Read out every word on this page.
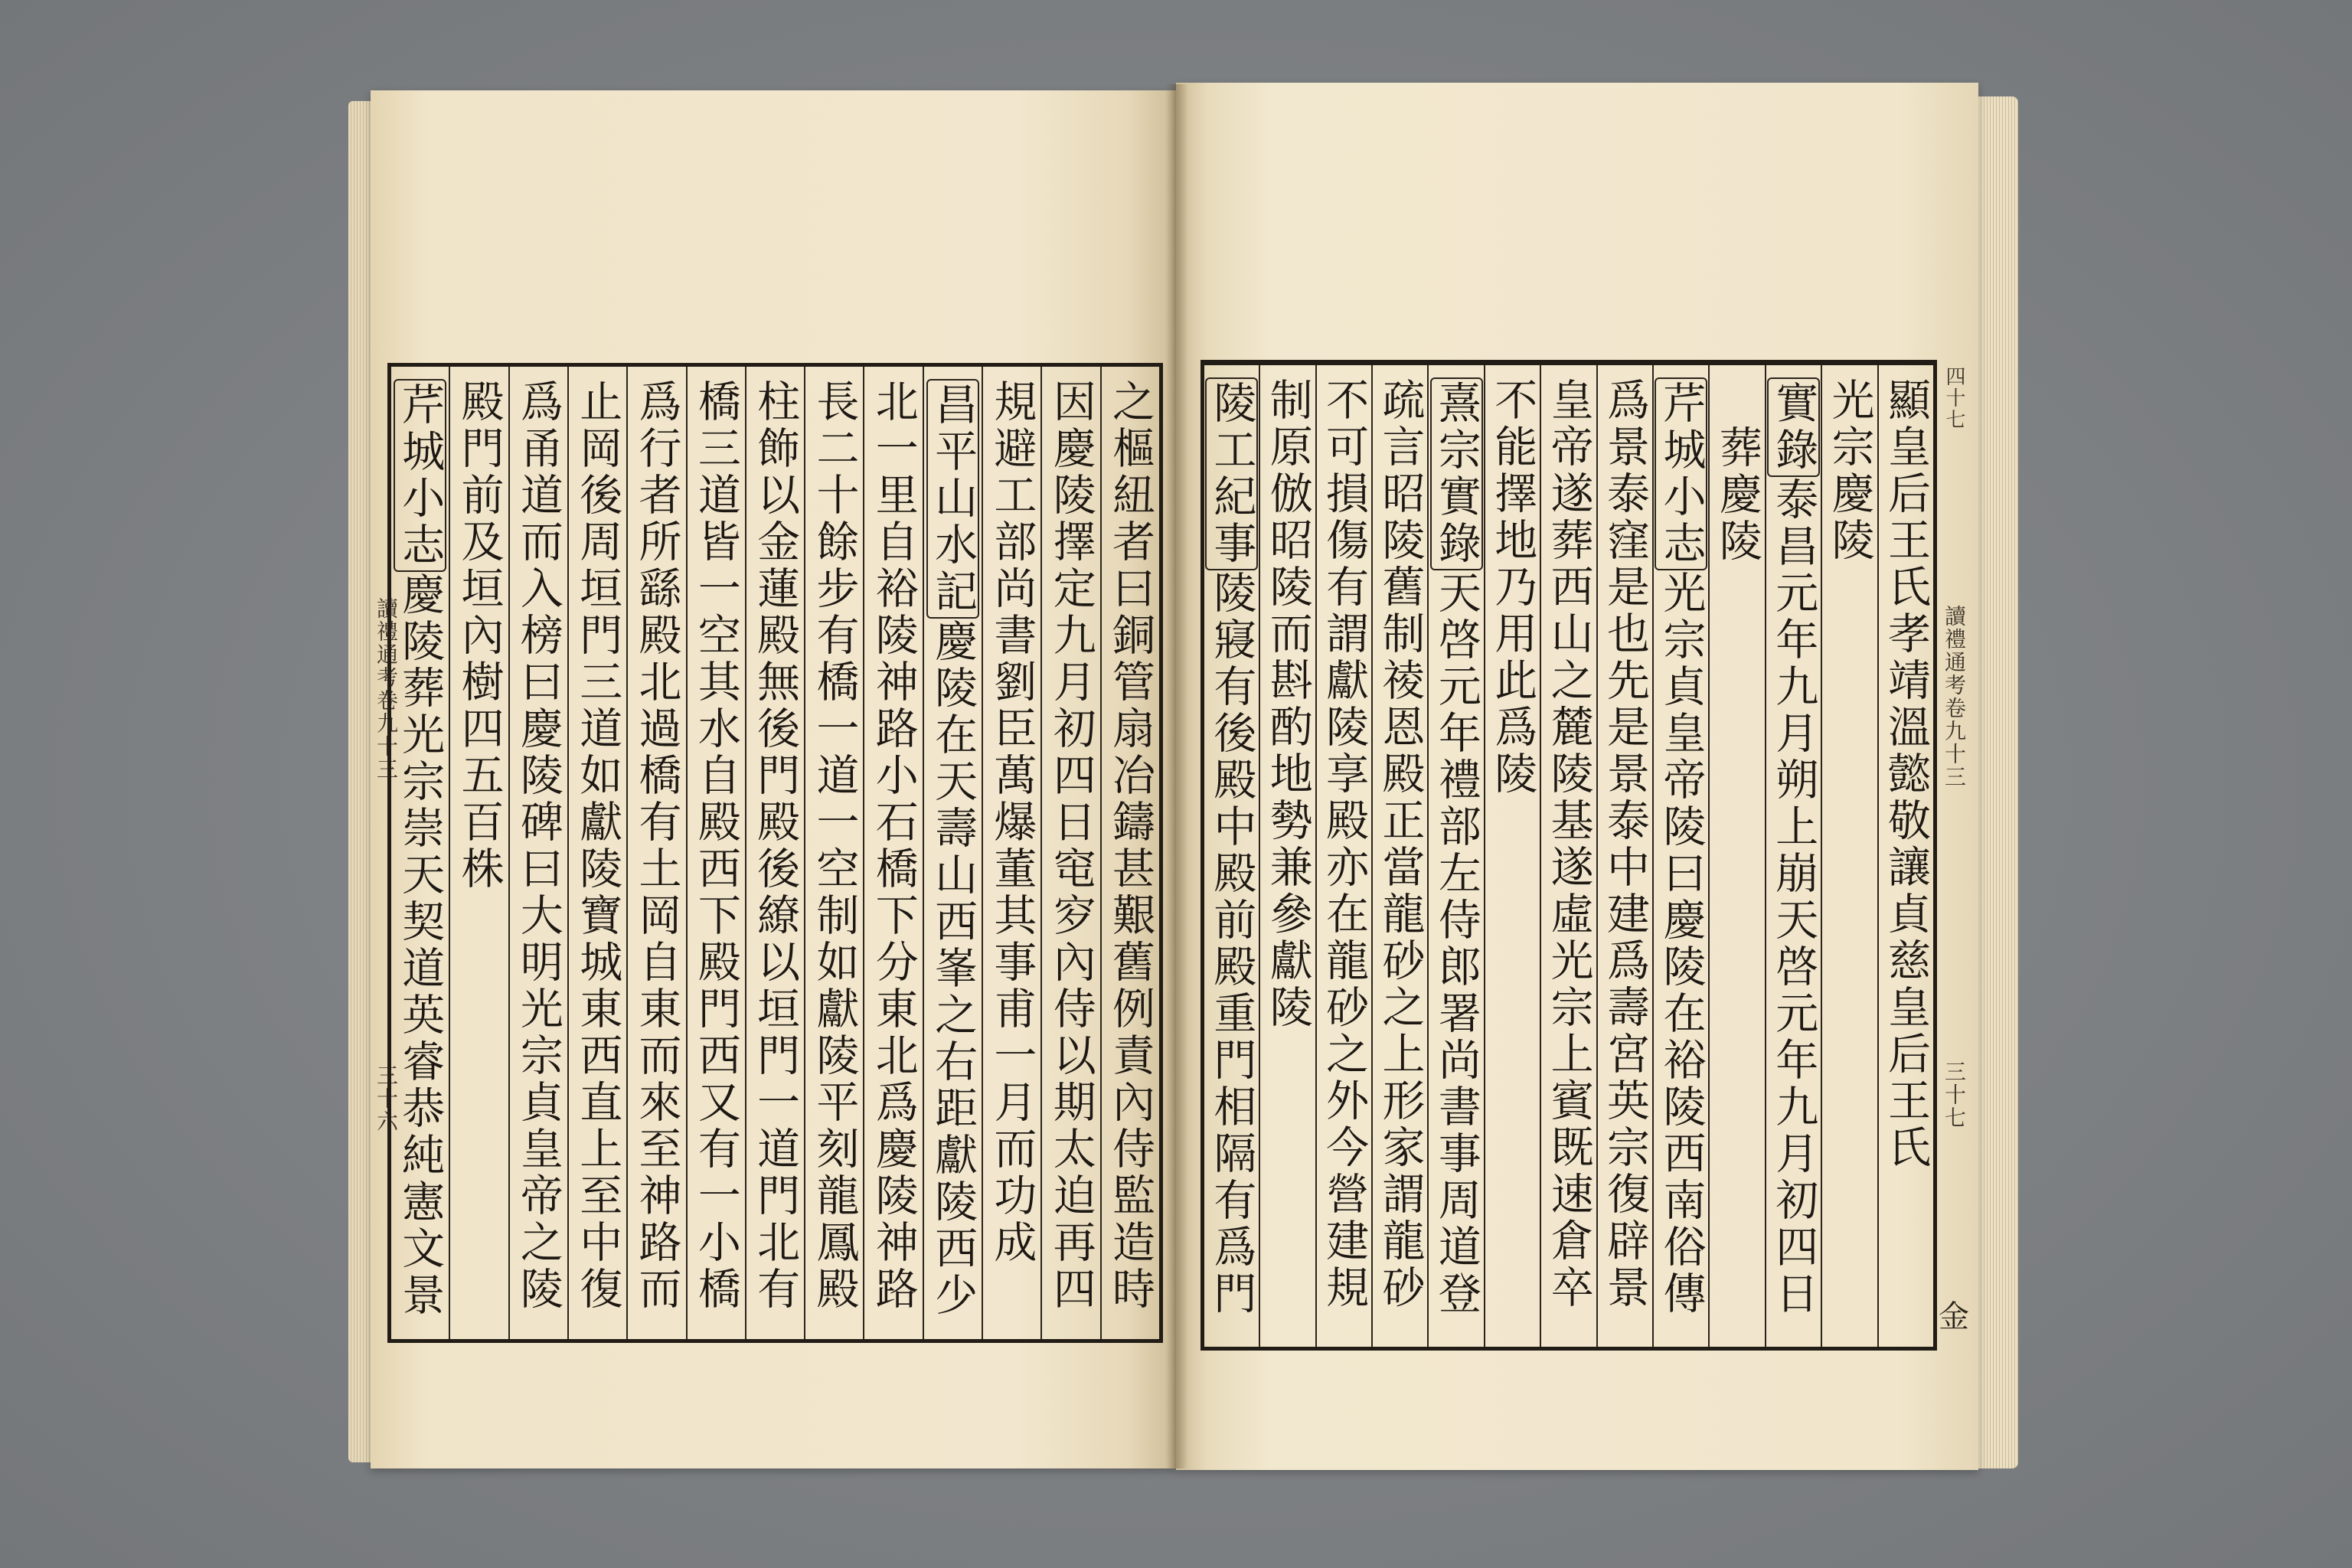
讀禮通考卷九十三
三十六	之樞紐者曰銅管扇冶鑄甚艱舊例責內侍監造時
因慶陵擇定九月初四日窀穸內侍以期太迫再四
規避工部尚書劉臣萬爆董其事甫一月而功成
昌平山水記慶陵在天壽山西峯之右距獻陵西少
北一里自裕陵神路小石橋下分東北爲慶陵神路
長二十餘步有橋一道一空制如獻陵平刻龍鳳殿
柱飾以金蓮殿無後門殿後繚以垣門一道門北有
橋三道皆一空其水自殿西下殿門西又有一小橋
爲行者所繇殿北過橋有土岡自東而來至神路而
止岡後周垣門三道如獻陵寶城東西直上至中復
爲甬道而入榜曰慶陵碑曰大明光宗貞皇帝之陵
殿門前及垣內樹四五百株
芹城小志慶陵葬光宗崇天契道英睿恭純憲文景	顯皇后王氏孝靖溫懿敬讓貞慈皇后王氏
光宗慶陵
實錄泰昌元年九月朔上崩天啓元年九月初四日
葬慶陵
芹城小志光宗貞皇帝陵曰慶陵在裕陵西南俗傳
爲景泰窪是也先是景泰中建爲壽宮英宗復辟景
皇帝遂葬西山之麓陵基遂虛光宗上賓既速倉卒
不能擇地乃用此爲陵
熹宗實錄天啓元年禮部左侍郎署尚書事周道登
疏言昭陵舊制祾恩殿正當龍砂之上形家謂龍砂
不可損傷有謂獻陵享殿亦在龍砂之外今營建規
制原倣昭陵而斟酌地勢兼參獻陵
陵工紀事陵寢有後殿中殿前殿重門相隔有爲門
四十七
讀禮通考卷九十三
三十七
金
